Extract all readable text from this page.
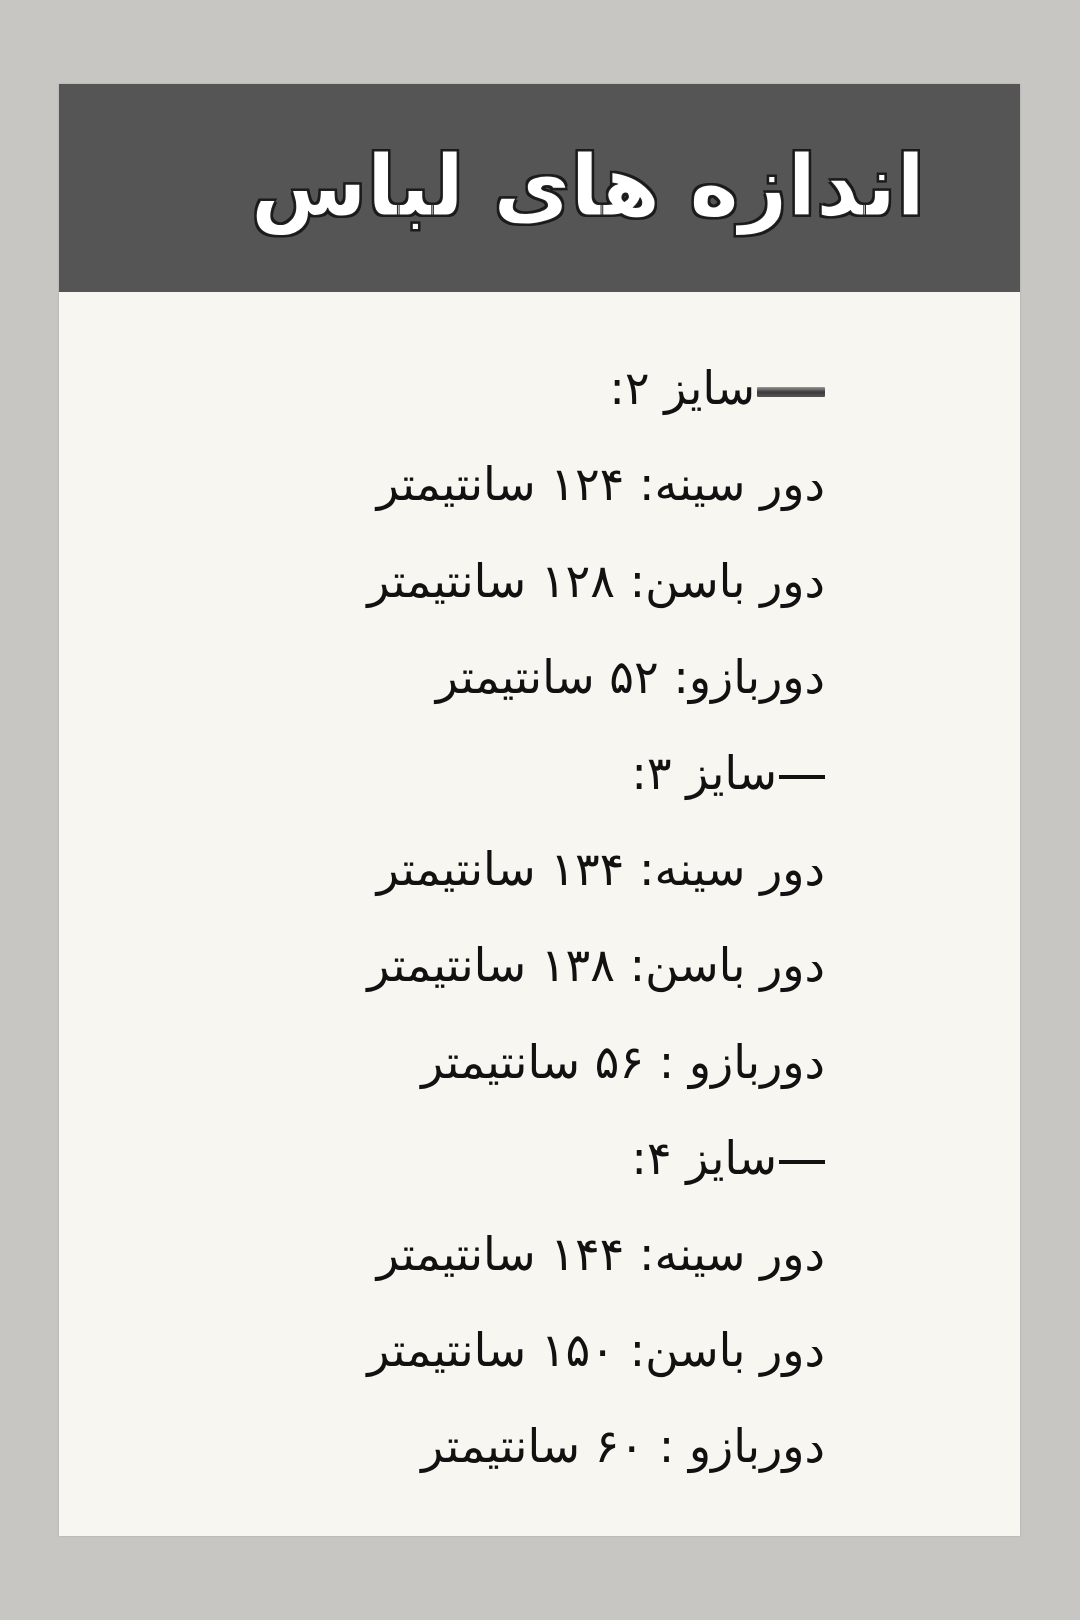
اندازه های لباس
سایز ۲:
دور سینه: ۱۲۴ سانتیمتر
دور باسن: ۱۲۸ سانتیمتر
دوربازو: ۵۲ سانتیمتر
سایز ۳:
دور سینه: ۱۳۴ سانتیمتر
دور باسن: ۱۳۸ سانتیمتر
دوربازو : ۵۶ سانتیمتر
سایز ۴:
دور سینه: ۱۴۴ سانتیمتر
دور باسن: ۱۵۰ سانتیمتر
دوربازو : ۶۰ سانتیمتر
